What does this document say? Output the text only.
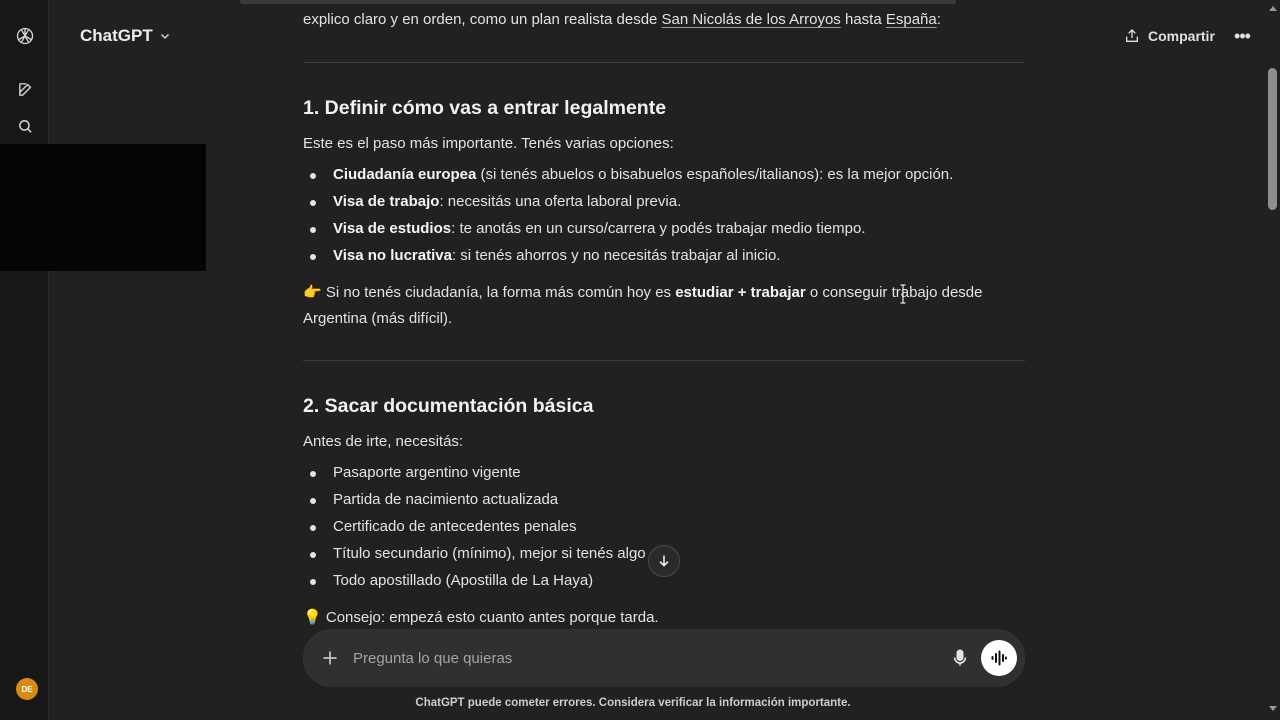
DE
ChatGPT	Compartir •••
explico claro y en orden, como un plan realista desde San Nicolás de los Arroyos hasta España:
1. Definir cómo vas a entrar legalmente
Este es el paso más importante. Tenés varias opciones:
Ciudadanía europea (si tenés abuelos o bisabuelos españoles/italianos): es la mejor opción.
Visa de trabajo: necesitás una oferta laboral previa.
Visa de estudios: te anotás en un curso/carrera y podés trabajar medio tiempo.
Visa no lucrativa: si tenés ahorros y no necesitás trabajar al inicio.
👉 Si no tenés ciudadanía, la forma más común hoy es estudiar + trabajar o conseguir trabajo desde
Argentina (más difícil).
2. Sacar documentación básica
Antes de irte, necesitás:
Pasaporte argentino vigente
Partida de nacimiento actualizada
Certificado de antecedentes penales
Título secundario (mínimo), mejor si tenés algo
Todo apostillado (Apostilla de La Haya)
💡 Consejo: empezá esto cuanto antes porque tarda.
Pregunta lo que quieras
ChatGPT puede cometer errores. Considera verificar la información importante.
